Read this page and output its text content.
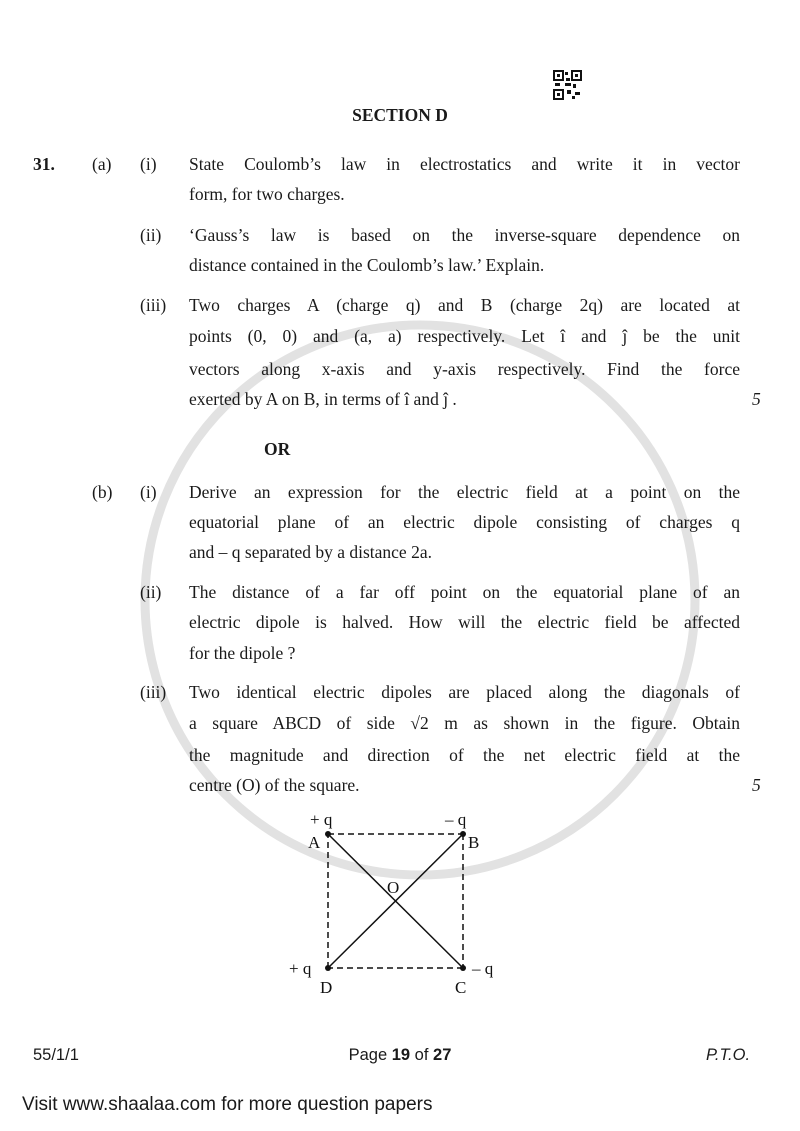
SECTION D
31. (a) (i) State Coulomb’s law in electrostatics and write it in vector
form, for two charges.
(ii) ‘Gauss’s law is based on the inverse-square dependence on
distance contained in the Coulomb’s law.’ Explain.
(iii) Two charges A (charge q) and B (charge 2q) are located at
points (0, 0) and (a, a) respectively. Let î and ĵ be the unit
vectors along x-axis and y-axis respectively. Find the force
exerted by A on B, in terms of î and ĵ .	5
OR
(b) (i) Derive an expression for the electric field at a point on the
equatorial plane of an electric dipole consisting of charges q
and – q separated by a distance 2a.
(ii) The distance of a far off point on the equatorial plane of an
electric dipole is halved. How will the electric field be affected
for the dipole ?
(iii) Two identical electric dipoles are placed along the diagonals of
a square ABCD of side √2 m as shown in the figure. Obtain
the magnitude and direction of the net electric field at the
centre (O) of the square.	5
+ q	– q
– q
+ q
A	B
C
D
O
55/1/1	Page 19 of 27	P.T.O.
Visit www.shaalaa.com for more question papers
